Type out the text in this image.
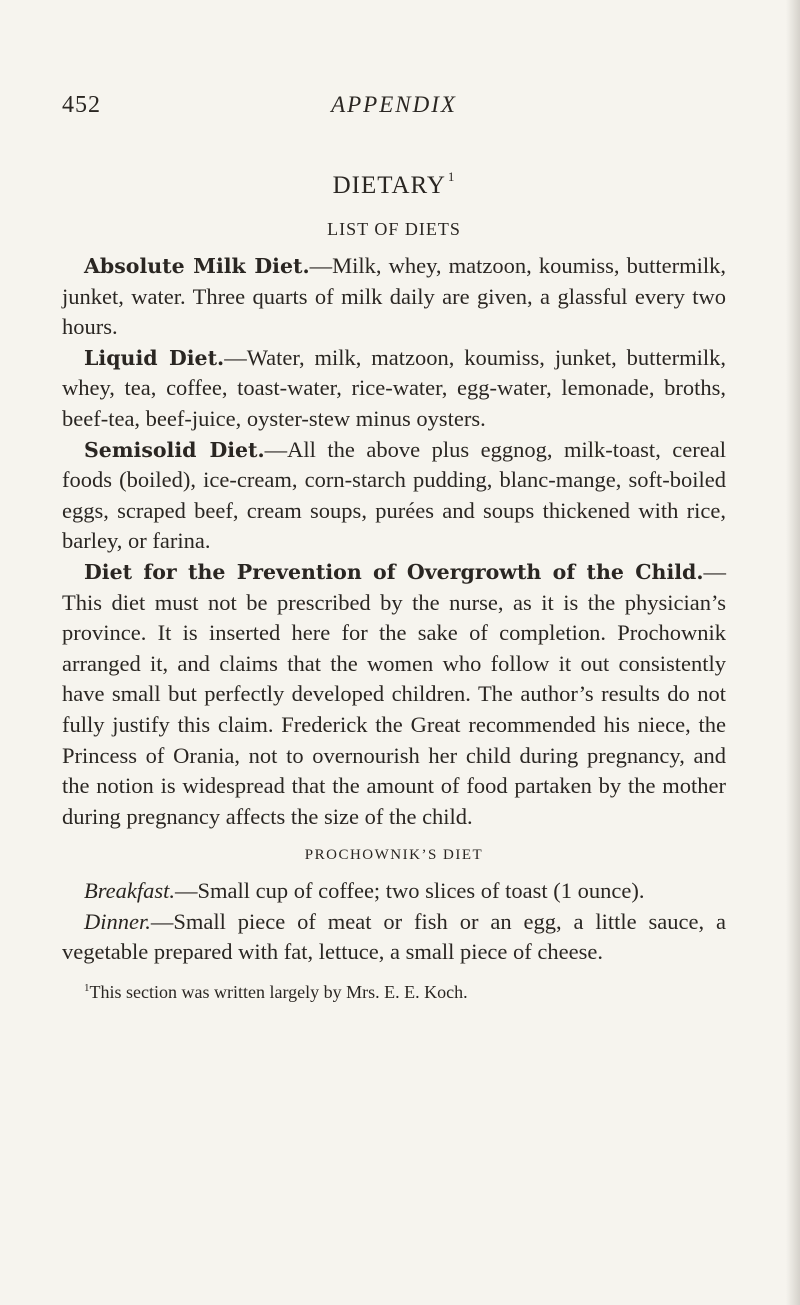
452	APPENDIX
DIETARY $^1$
LIST OF DIETS

Absolute Milk Diet.—Milk, whey, matzoon, koumiss, buttermilk, junket, water. Three quarts of milk daily are given, a glassful every two hours.

Liquid Diet.—Water, milk, matzoon, koumiss, junket, buttermilk, whey, tea, coffee, toast-water, rice-water, egg-water, lemonade, broths, beef-tea, beef-juice, oyster-stew minus oysters.

Semisolid Diet.—All the above plus eggnog, milk-toast, cereal foods (boiled), ice-cream, corn-starch pudding, blanc-mange, soft-boiled eggs, scraped beef, cream soups, purées and soups thickened with rice, barley, or farina.

Diet for the Prevention of Overgrowth of the Child.—This diet must not be prescribed by the nurse, as it is the physician’s province. It is inserted here for the sake of completion. Prochownik arranged it, and claims that the women who follow it out consistently have small but perfectly developed children. The author’s results do not fully justify this claim. Frederick the Great recommended his niece, the Princess of Orania, not to overnourish her child during pregnancy, and the notion is widespread that the amount of food partaken by the mother during pregnancy affects the size of the child.

PROCHOWNIK’S DIET

Breakfast.—Small cup of coffee; two slices of toast (1 ounce).

Dinner.—Small piece of meat or fish or an egg, a little sauce, a vegetable prepared with fat, lettuce, a small piece of cheese.

$^1$This section was written largely by Mrs. E. E. Koch.
